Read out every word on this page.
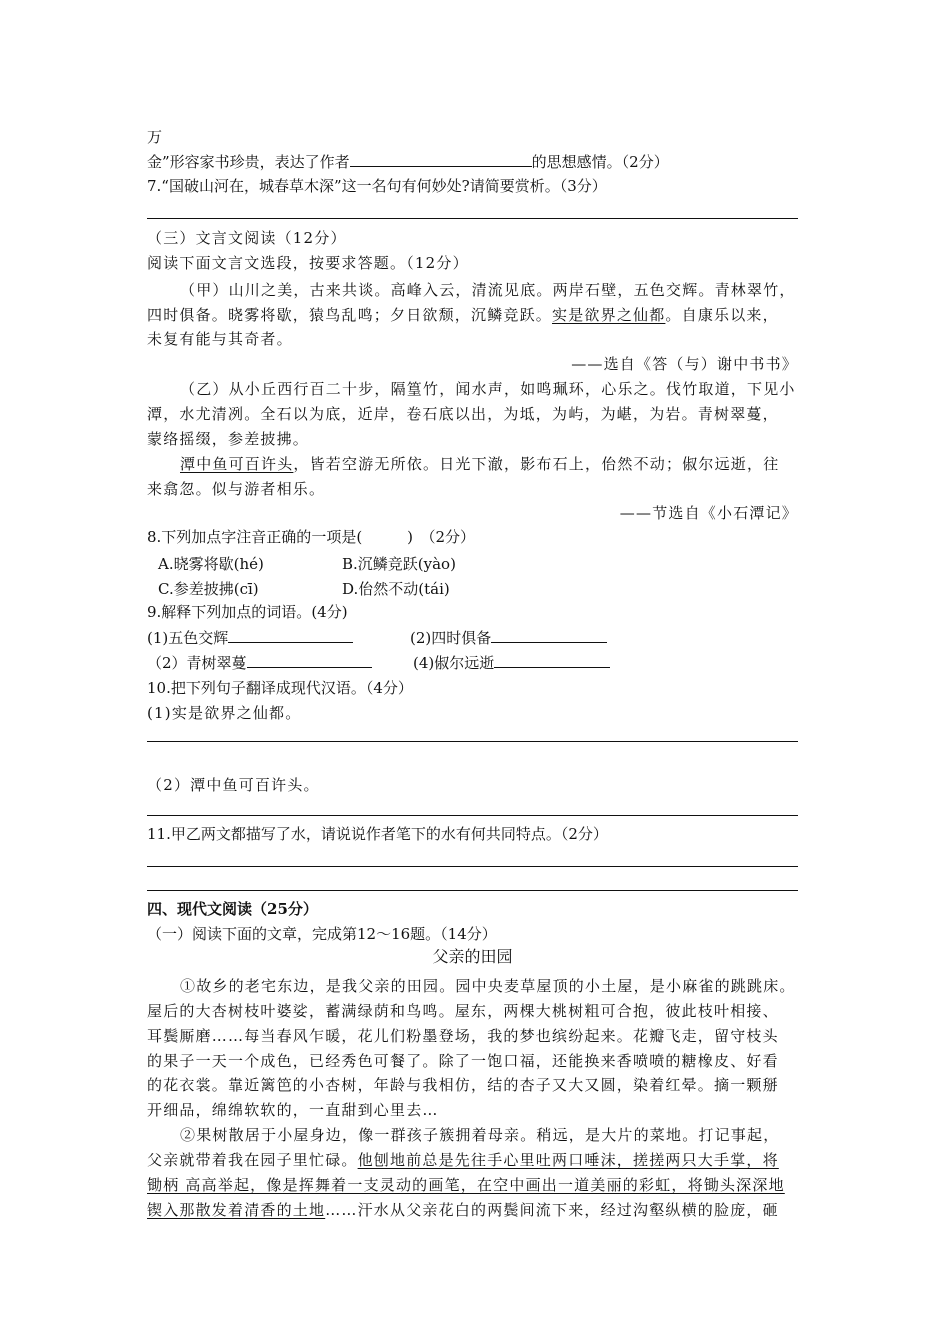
万
金”形容家书珍贵，表达了作者	的思想感情。（2分）
7.“国破山河在，城春草木深”这一名句有何妙处?请简要赏析。（3分）
（三）文言文阅读（12分）
阅读下面文言文选段，按要求答题。（12分）
（甲）山川之美，古来共谈。高峰入云，清流见底。两岸石壁，五色交辉。青林翠竹，
四时俱备。晓雾将歇，猿鸟乱鸣；夕日欲颓，沉鳞竞跃。实是欲界之仙都。自康乐以来，
未复有能与其奇者。
——选自《答（与）谢中书书》
（乙）从小丘西行百二十步，隔篁竹，闻水声，如鸣珮环，心乐之。伐竹取道，下见小
潭，水尤清冽。全石以为底，近岸，卷石底以出，为坻，为屿，为嵁，为岩。青树翠蔓，
蒙络摇缀，参差披拂。
潭中鱼可百许头，皆若空游无所依。日光下澈，影布石上，佁然不动；俶尔远逝，往
来翕忽。似与游者相乐。
——节选自《小石潭记》
8.下列加点字注音正确的一项是(　　　)　（2分）
A.晓雾将歇(hé)	B.沉鳞竞跃(yào)
C.参差披拂(cī)	D.佁然不动(tái)
9.解释下列加点的词语。(4分)
(1)五色交辉	(2)四时俱备
（2）青树翠蔓	(4)俶尔远逝
10.把下列句子翻译成现代汉语。（4分）
(1)实是欲界之仙都。
（2）潭中鱼可百许头。
11.甲乙两文都描写了水，请说说作者笔下的水有何共同特点。（2分）
四、现代文阅读（25分）
（一）阅读下面的文章，完成第12～16题。（14分）
父亲的田园
①故乡的老宅东边，是我父亲的田园。园中央麦草屋顶的小土屋，是小麻雀的跳跳床。
屋后的大杏树枝叶婆娑，蓄满绿荫和鸟鸣。屋东，两棵大桃树粗可合抱，彼此枝叶相接、
耳鬓厮磨……每当春风乍暖，花儿们粉墨登场，我的梦也缤纷起来。花瓣飞走，留守枝头
的果子一天一个成色，已经秀色可餐了。除了一饱口福，还能换来香喷喷的糖橡皮、好看
的花衣裳。靠近篱笆的小杏树，年龄与我相仿，结的杏子又大又圆，染着红晕。摘一颗掰
开细品，绵绵软软的，一直甜到心里去…
②果树散居于小屋身边，像一群孩子簇拥着母亲。稍远，是大片的菜地。打记事起，
父亲就带着我在园子里忙碌。他刨地前总是先往手心里吐两口唾沫，搓搓两只大手掌，将
锄柄 高高举起，像是挥舞着一支灵动的画笔，在空中画出一道美丽的彩虹，将锄头深深地
锲入那散发着清香的土地……汗水从父亲花白的两鬓间流下来，经过沟壑纵横的脸庞，砸
